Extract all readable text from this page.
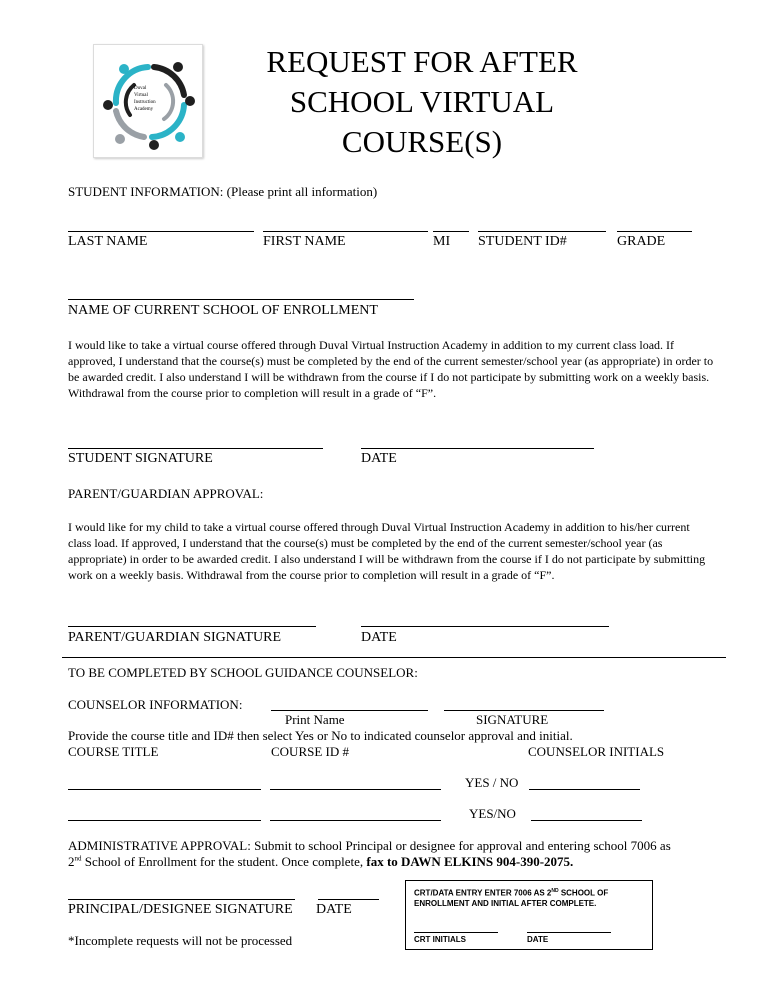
Duval
Virtual
Instruction
Academy
REQUEST FOR AFTER
SCHOOL VIRTUAL
COURSE(S)
STUDENT INFORMATION: (Please print all information)
LAST NAME	FIRST NAME	MI STUDENT ID#	GRADE
NAME OF CURRENT SCHOOL OF ENROLLMENT
I would like to take a virtual course offered through Duval Virtual Instruction Academy in addition to my current class load. If approved, I understand that the course(s) must be completed by the end of the current semester/school year (as appropriate) in order to be awarded credit. I also understand I will be withdrawn from the course if I do not participate by submitting work on a weekly basis. Withdrawal from the course prior to completion will result in a grade of “F”.
STUDENT SIGNATURE	DATE
PARENT/GUARDIAN APPROVAL:
I would like for my child to take a virtual course offered through Duval Virtual Instruction Academy in addition to his/her current class load. If approved, I understand that the course(s) must be completed by the end of the current semester/school year (as appropriate) in order to be awarded credit. I also understand I will be withdrawn from the course if I do not participate by submitting work on a weekly basis. Withdrawal from the course prior to completion will result in a grade of “F”.
PARENT/GUARDIAN SIGNATURE	DATE
TO BE COMPLETED BY SCHOOL GUIDANCE COUNSELOR:
COUNSELOR INFORMATION:
Print Name	SIGNATURE
Provide the course title and ID# then select Yes or No to indicated counselor approval and initial.
COURSE TITLE	COURSE ID #	COUNSELOR INITIALS
YES / NO
YES/NO
ADMINISTRATIVE APPROVAL: Submit to school Principal or designee for approval and entering school 7006 as
2nd School of Enrollment for the student. Once complete, fax to DAWN ELKINS 904-390-2075.
PRINCIPAL/DESIGNEE SIGNATURE DATE
*Incomplete requests will not be processed
CRT/DATA ENTRY ENTER 7006 AS 2ND SCHOOL OF
ENROLLMENT AND INITIAL AFTER COMPLETE.
CRT INITIALS	DATE
